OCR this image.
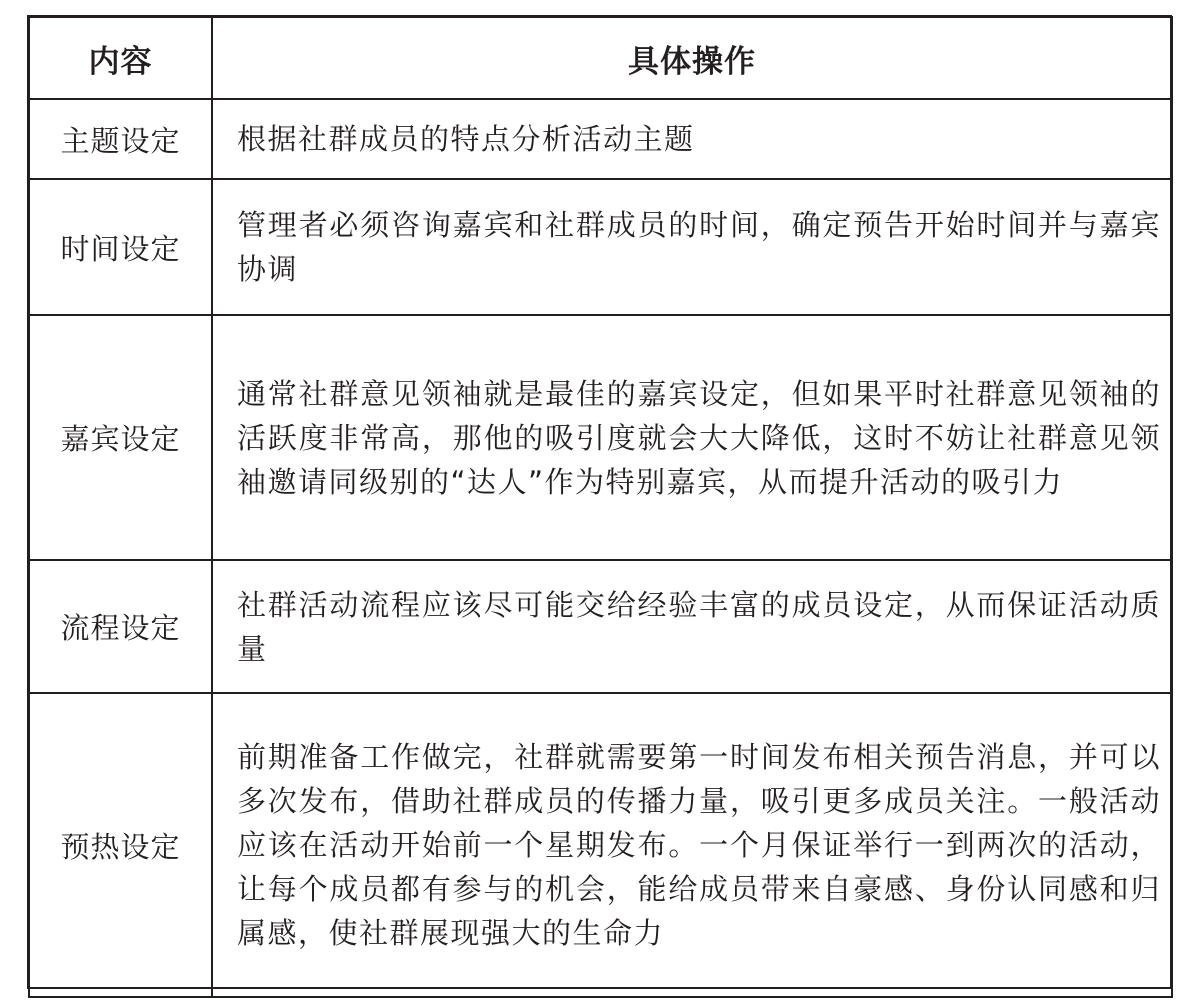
内容	具体操作
主题设定	根据社群成员的特点分析活动主题
时间设定	管理者必须咨询嘉宾和社群成员的时间，确定预告开始时间并与嘉宾协调
嘉宾设定	通常社群意见领袖就是最佳的嘉宾设定，但如果平时社群意见领袖的活跃度非常高，那他的吸引度就会大大降低，这时不妨让社群意见领袖邀请同级别的“达人”作为特别嘉宾，从而提升活动的吸引力
流程设定	社群活动流程应该尽可能交给经验丰富的成员设定，从而保证活动质量
预热设定	前期准备工作做完，社群就需要第一时间发布相关预告消息，并可以多次发布，借助社群成员的传播力量，吸引更多成员关注。一般活动应该在活动开始前一个星期发布。一个月保证举行一到两次的活动，让每个成员都有参与的机会，能给成员带来自豪感、身份认同感和归属感，使社群展现强大的生命力
